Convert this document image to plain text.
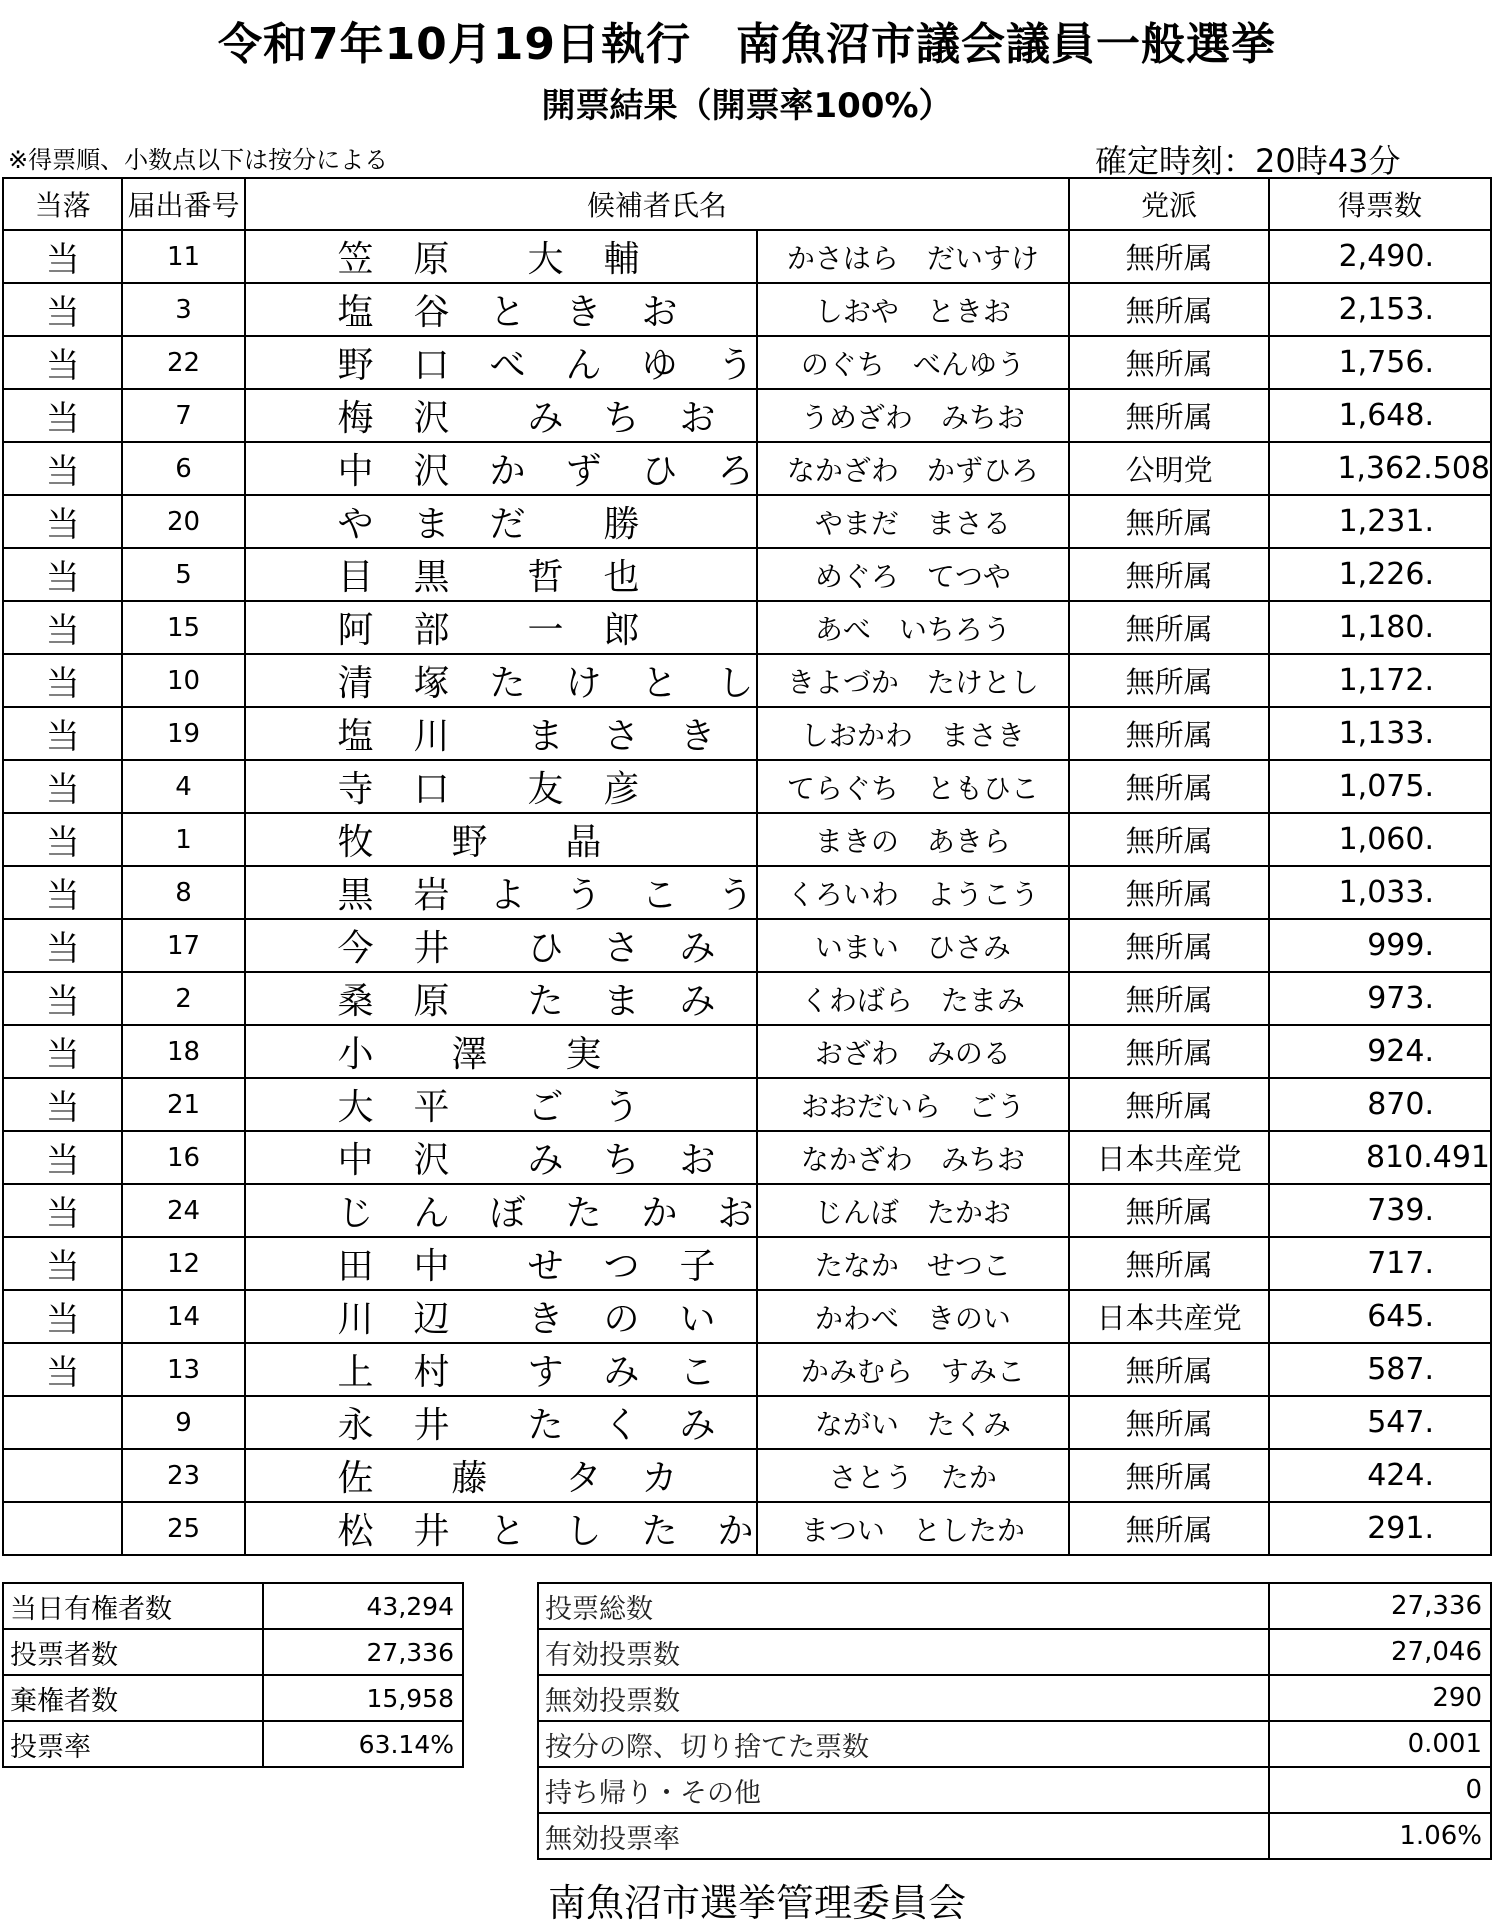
令和7年10月19日執行　南魚沼市議会議員一般選挙
開票結果（開票率100%）
※得票順、小数点以下は按分による	確定時刻：20時43分
当落	届出番号	候補者氏名		党派	得票数
当	11	笠　原　　大　輔	かさはら　だいすけ	無所属	2,490.

当	3	塩　谷　と　き　お	しおや　ときお	無所属	2,153.

当	22	野　口　べ　ん　ゆ　う	のぐち　べんゆう	無所属	1,756.

当	7	梅　沢　　み　ち　お	うめざわ　みちお	無所属	1,648.

当	6	中　沢　か　ず　ひ　ろ	なかざわ　かずひろ	公明党	1,362.508

当	20	や　ま　だ　　勝	やまだ　まさる	無所属	1,231.

当	5	目　黒　　哲　也	めぐろ　てつや	無所属	1,226.

当	15	阿　部　　一　郎	あべ　いちろう	無所属	1,180.

当	10	清　塚　た　け　と　し	きよづか　たけとし	無所属	1,172.

当	19	塩　川　　ま　さ　き	しおかわ　まさき	無所属	1,133.

当	4	寺　口　　友　彦	てらぐち　ともひこ	無所属	1,075.

当	1	牧　　野　　晶	まきの　あきら	無所属	1,060.

当	8	黒　岩　よ　う　こ　う	くろいわ　ようこう	無所属	1,033.

当	17	今　井　　ひ　さ　み	いまい　ひさみ	無所属	999.

当	2	桑　原　　た　ま　み	くわばら　たまみ	無所属	973.

当	18	小　　澤　　実	おざわ　みのる	無所属	924.

当	21	大　平　　ご　う	おおだいら　ごう	無所属	870.

当	16	中　沢　　み　ち　お	なかざわ　みちお	日本共産党	810.491

当	24	じ　ん　ぼ　た　か　お	じんぼ　たかお	無所属	739.

当	12	田　中　　せ　つ　子	たなか　せつこ	無所属	717.

当	14	川　辺　　き　の　い	かわべ　きのい	日本共産党	645.

当	13	上　村　　す　み　こ	かみむら　すみこ	無所属	587.

	9	永　井　　た　く　み	ながい　たくみ	無所属	547.

	23	佐　　藤　　タ　カ	さとう　たか	無所属	424.

	25	松　井　と　し　た　か	まつい　としたか	無所属	291.
当日有権者数	43,294
投票者数	27,336
棄権者数	15,958
投票率	63.14%
投票総数	27,336
有効投票数	27,046
無効投票数	290
按分の際、切り捨てた票数	0.001
持ち帰り・その他	0
無効投票率	1.06%
南魚沼市選挙管理委員会
